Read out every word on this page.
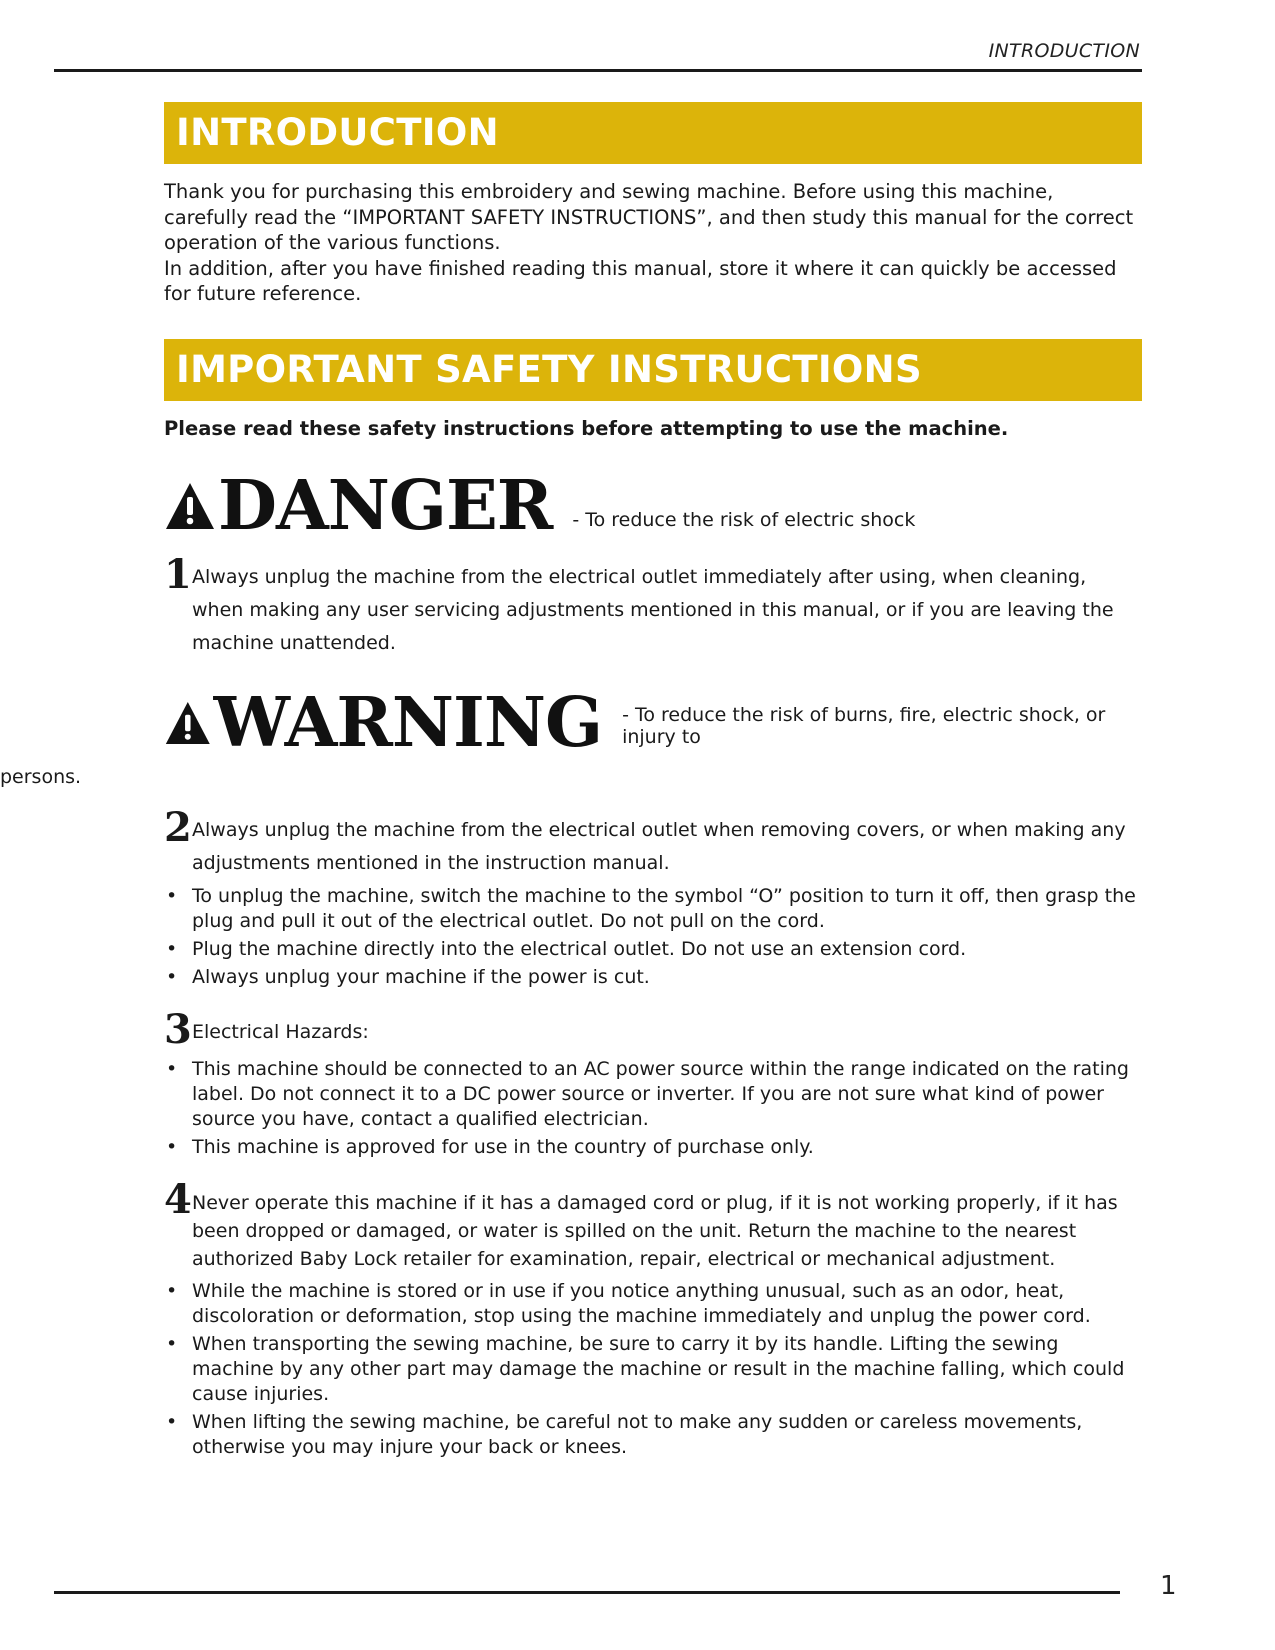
INTRODUCTION
INTRODUCTION

Thank you for purchasing this embroidery and sewing machine. Before using this machine, carefully read the “IMPORTANT SAFETY INSTRUCTIONS”, and then study this manual for the correct operation of the various functions.

In addition, after you have finished reading this manual, store it where it can quickly be accessed for future reference.

IMPORTANT SAFETY INSTRUCTIONS
Please read these safety instructions before attempting to use the machine.
DANGER - To reduce the risk of electric shock
1 Always unplug the machine from the electrical outlet immediately after using, when cleaning, when making any user servicing adjustments mentioned in this manual, or if you are leaving the machine unattended.
WARNING - To reduce the risk of burns, fire, electric shock, or injury to
persons.
2 Always unplug the machine from the electrical outlet when removing covers, or when making any adjustments mentioned in the instruction manual.
• To unplug the machine, switch the machine to the symbol “O” position to turn it off, then grasp the plug and pull it out of the electrical outlet. Do not pull on the cord.
• Plug the machine directly into the electrical outlet. Do not use an extension cord.
• Always unplug your machine if the power is cut.
3 Electrical Hazards:
• This machine should be connected to an AC power source within the range indicated on the rating label. Do not connect it to a DC power source or inverter. If you are not sure what kind of power source you have, contact a qualified electrician.
• This machine is approved for use in the country of purchase only.
4 Never operate this machine if it has a damaged cord or plug, if it is not working properly, if it has been dropped or damaged, or water is spilled on the unit. Return the machine to the nearest authorized Baby Lock retailer for examination, repair, electrical or mechanical adjustment.
• While the machine is stored or in use if you notice anything unusual, such as an odor, heat, discoloration or deformation, stop using the machine immediately and unplug the power cord.
• When transporting the sewing machine, be sure to carry it by its handle. Lifting the sewing machine by any other part may damage the machine or result in the machine falling, which could cause injuries.
• When lifting the sewing machine, be careful not to make any sudden or careless movements, otherwise you may injure your back or knees.
1
